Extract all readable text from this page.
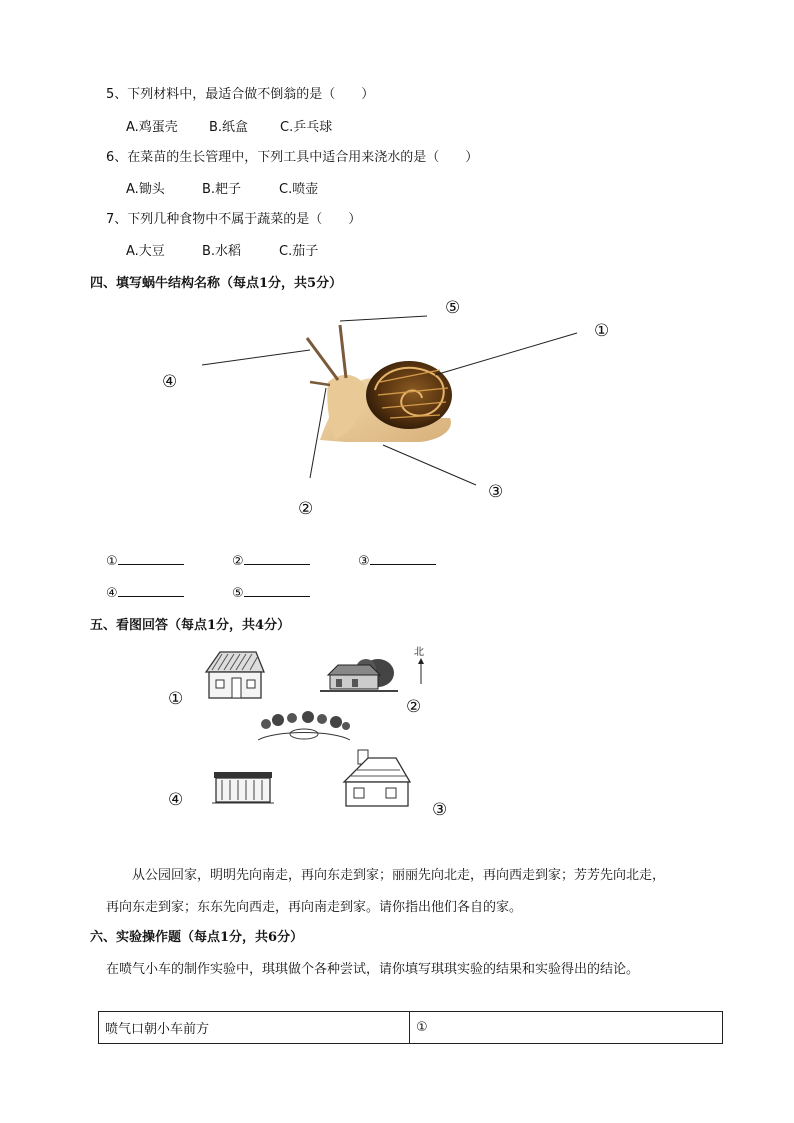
5、下列材料中，最适合做不倒翁的是（　　）
A.鸡蛋壳 B.纸盒 C.乒乓球
6、在菜苗的生长管理中，下列工具中适合用来浇水的是（　　）
A.锄头	B.耙子	C.喷壶
7、下列几种食物中不属于蔬菜的是（　　）
A.大豆	B.水稻	C.茄子
四、填写蜗牛结构名称（每点1分，共5分）
⑤
①
④
③
②
①	②	③
④	⑤
五、看图回答（每点1分，共4分）
①
北
②
④	③
从公园回家，明明先向南走，再向东走到家；丽丽先向北走，再向西走到家；芳芳先向北走，
再向东走到家；东东先向西走，再向南走到家。请你指出他们各自的家。
六、实验操作题（每点1分，共6分）
在喷气小车的制作实验中，琪琪做个各种尝试，请你填写琪琪实验的结果和实验得出的结论。
喷气口朝小车前方	①
